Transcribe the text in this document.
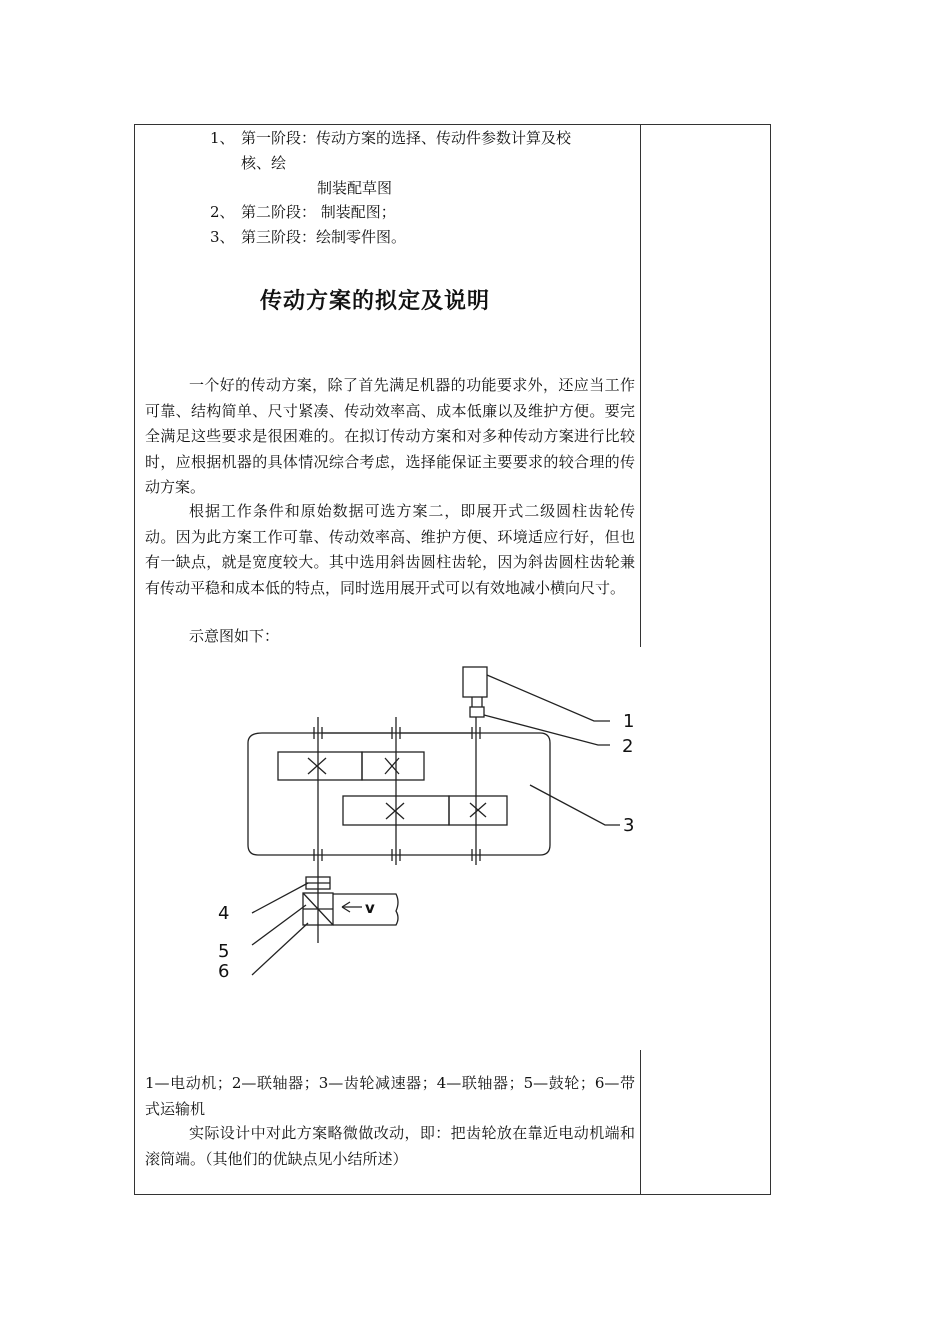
1、 第一阶段：传动方案的选择、传动件参数计算及校
核、绘
制装配草图
2、 第二阶段： 制装配图；
3、 第三阶段：绘制零件图。
传动方案的拟定及说明
一个好的传动方案，除了首先满足机器的功能要求外，还应当工作可靠、结构简单、尺寸紧凑、传动效率高、成本低廉以及维护方便。要完全满足这些要求是很困难的。在拟订传动方案和对多种传动方案进行比较时，应根据机器的具体情况综合考虑，选择能保证主要要求的较合理的传动方案。
根据工作条件和原始数据可选方案二，即展开式二级圆柱齿轮传动。因为此方案工作可靠、传动效率高、维护方便、环境适应行好，但也有一缺点，就是宽度较大。其中选用斜齿圆柱齿轮，因为斜齿圆柱齿轮兼有传动平稳和成本低的特点，同时选用展开式可以有效地减小横向尺寸。
示意图如下：
1
2
3
4
5
6
v
1—电动机；2—联轴器；3—齿轮减速器；4—联轴器；5—鼓轮；6—带式运输机
实际设计中对此方案略微做改动，即：把齿轮放在靠近电动机端和滚筒端。（其他们的优缺点见小结所述）
